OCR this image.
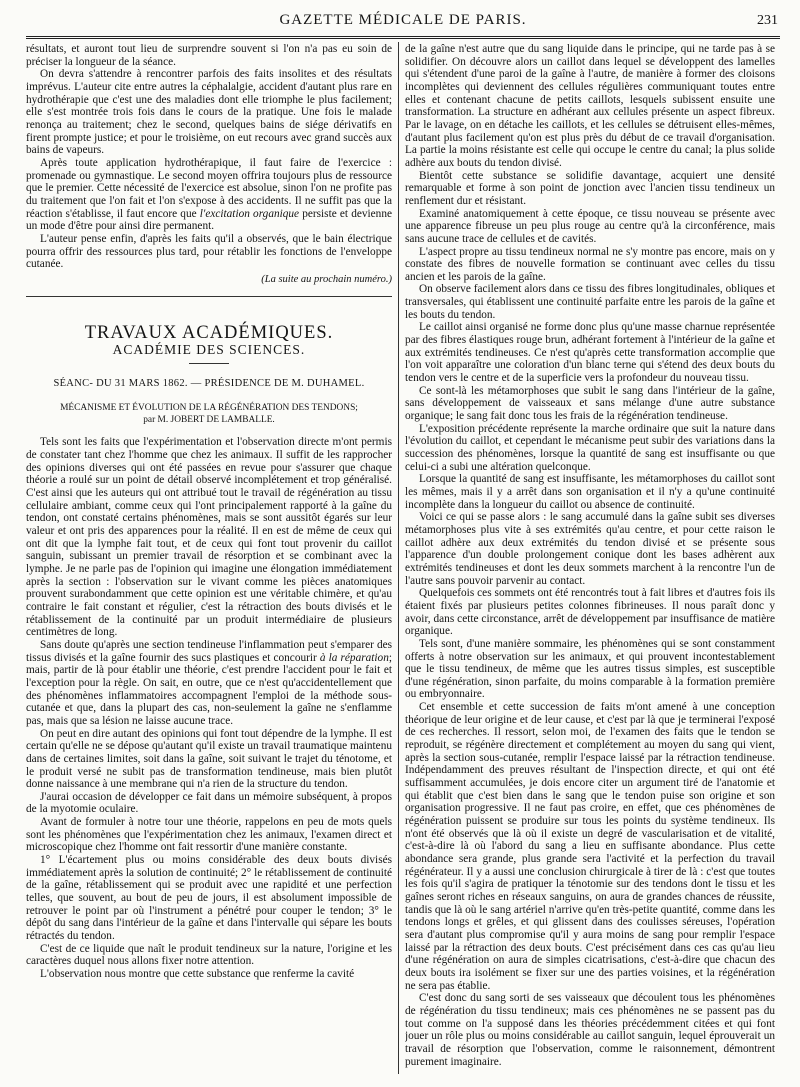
GAZETTE MÉDICALE DE PARIS.	231

résultats, et auront tout lieu de surprendre souvent si l'on n'a pas eu soin de préciser la longueur de la séance.

On devra s'attendre à rencontrer parfois des faits insolites et des résultats imprévus. L'auteur cite entre autres la céphalalgie, accident d'autant plus rare en hydrothérapie que c'est une des maladies dont elle triomphe le plus facilement; elle s'est montrée trois fois dans le cours de la pratique. Une fois le malade renonça au traitement; chez le second, quelques bains de siége dérivatifs en firent prompte justice; et pour le troisième, on eut recours avec grand succès aux bains de vapeurs.

Après toute application hydrothérapique, il faut faire de l'exercice : promenade ou gymnastique. Le second moyen offrira toujours plus de ressource que le premier. Cette nécessité de l'exercice est absolue, sinon l'on ne profite pas du traitement que l'on fait et l'on s'expose à des accidents. Il ne suffit pas que la réaction s'établisse, il faut encore que l'excitation organique persiste et devienne un mode d'être pour ainsi dire permanent.

L'auteur pense enfin, d'après les faits qu'il a observés, que le bain électrique pourra offrir des ressources plus tard, pour rétablir les fonctions de l'enveloppe cutanée.

(La suite au prochain numéro.)
TRAVAUX ACADÉMIQUES.
ACADÉMIE DES SCIENCES.
SÉANC- DU 31 MARS 1862. — PRÉSIDENCE DE M. DUHAMEL.
MÉCANISME ET ÉVOLUTION DE LA RÉGÉNÉRATION DES TENDONS;
par M. JOBERT DE LAMBALLE.

Tels sont les faits que l'expérimentation et l'observation directe m'ont permis de constater tant chez l'homme que chez les animaux. Il suffit de les rapprocher des opinions diverses qui ont été passées en revue pour s'assurer que chaque théorie a roulé sur un point de détail observé incomplétement et trop généralisé. C'est ainsi que les auteurs qui ont attribué tout le travail de régénération au tissu cellulaire ambiant, comme ceux qui l'ont principalement rapporté à la gaîne du tendon, ont constaté certains phénomènes, mais se sont aussitôt égarés sur leur valeur et ont pris des apparences pour la réalité. Il en est de même de ceux qui ont dit que la lymphe fait tout, et de ceux qui font tout provenir du caillot sanguin, subissant un premier travail de résorption et se combinant avec la lymphe. Je ne parle pas de l'opinion qui imagine une élongation immédiatement après la section : l'observation sur le vivant comme les pièces anatomiques prouvent surabondamment que cette opinion est une véritable chimère, et qu'au contraire le fait constant et régulier, c'est la rétraction des bouts divisés et le rétablissement de la continuité par un produit intermédiaire de plusieurs centimètres de long.

Sans doute qu'après une section tendineuse l'inflammation peut s'emparer des tissus divisés et la gaîne fournir des sucs plastiques et concourir à la réparation; mais, partir de là pour établir une théorie, c'est prendre l'accident pour le fait et l'exception pour la règle. On sait, en outre, que ce n'est qu'accidentellement que des phénomènes inflammatoires accompagnent l'emploi de la méthode sous-cutanée et que, dans la plupart des cas, non-seulement la gaîne ne s'enflamme pas, mais que sa lésion ne laisse aucune trace.

On peut en dire autant des opinions qui font tout dépendre de la lymphe. Il est certain qu'elle ne se dépose qu'autant qu'il existe un travail traumatique maintenu dans de certaines limites, soit dans la gaîne, soit suivant le trajet du ténotome, et le produit versé ne subit pas de transformation tendineuse, mais bien plutôt donne naissance à une membrane qui n'a rien de la structure du tendon.

J'aurai occasion de développer ce fait dans un mémoire subséquent, à propos de la myotomie oculaire.

Avant de formuler à notre tour une théorie, rappelons en peu de mots quels sont les phénomènes que l'expérimentation chez les animaux, l'examen direct et microscopique chez l'homme ont fait ressortir d'une manière constante.

1° L'écartement plus ou moins considérable des deux bouts divisés immédiatement après la solution de continuité; 2° le rétablissement de continuité de la gaîne, rétablissement qui se produit avec une rapidité et une perfection telles, que souvent, au bout de peu de jours, il est absolument impossible de retrouver le point par où l'instrument a pénétré pour couper le tendon; 3° le dépôt du sang dans l'intérieur de la gaîne et dans l'intervalle qui sépare les bouts rétractés du tendon.

C'est de ce liquide que naît le produit tendineux sur la nature, l'origine et les caractères duquel nous allons fixer notre attention.

L'observation nous montre que cette substance que renferme la cavité

de la gaîne n'est autre que du sang liquide dans le principe, qui ne tarde pas à se solidifier. On découvre alors un caillot dans lequel se développent des lamelles qui s'étendent d'une paroi de la gaîne à l'autre, de manière à former des cloisons incomplètes qui deviennent des cellules régulières communiquant toutes entre elles et contenant chacune de petits caillots, lesquels subissent ensuite une transformation. La structure en adhérant aux cellules présente un aspect fibreux. Par le lavage, on en détache les caillots, et les cellules se détruisent elles-mêmes, d'autant plus facilement qu'on est plus près du début de ce travail d'organisation. La partie la moins résistante est celle qui occupe le centre du canal; la plus solide adhère aux bouts du tendon divisé.

Bientôt cette substance se solidifie davantage, acquiert une densité remarquable et forme à son point de jonction avec l'ancien tissu tendineux un renflement dur et résistant.

Examiné anatomiquement à cette époque, ce tissu nouveau se présente avec une apparence fibreuse un peu plus rouge au centre qu'à la circonférence, mais sans aucune trace de cellules et de cavités.

L'aspect propre au tissu tendineux normal ne s'y montre pas encore, mais on y constate des fibres de nouvelle formation se continuant avec celles du tissu ancien et les parois de la gaîne.

On observe facilement alors dans ce tissu des fibres longitudinales, obliques et transversales, qui établissent une continuité parfaite entre les parois de la gaîne et les bouts du tendon.

Le caillot ainsi organisé ne forme donc plus qu'une masse charnue représentée par des fibres élastiques rouge brun, adhérant fortement à l'intérieur de la gaîne et aux extrémités tendineuses. Ce n'est qu'après cette transformation accomplie que l'on voit apparaître une coloration d'un blanc terne qui s'étend des deux bouts du tendon vers le centre et de la superficie vers la profondeur du nouveau tissu.

Ce sont-là les métamorphoses que subit le sang dans l'intérieur de la gaîne, sans développement de vaisseaux et sans mélange d'une autre substance organique; le sang fait donc tous les frais de la régénération tendineuse.

L'exposition précédente représente la marche ordinaire que suit la nature dans l'évolution du caillot, et cependant le mécanisme peut subir des variations dans la succession des phénomènes, lorsque la quantité de sang est insuffisante ou que celui-ci a subi une altération quelconque.

Lorsque la quantité de sang est insuffisante, les métamorphoses du caillot sont les mêmes, mais il y a arrêt dans son organisation et il n'y a qu'une continuité incomplète dans la longueur du caillot ou absence de continuité.

Voici ce qui se passe alors : le sang accumulé dans la gaîne subit ses diverses métamorphoses plus vite à ses extrémités qu'au centre, et pour cette raison le caillot adhère aux deux extrémités du tendon divisé et se présente sous l'apparence d'un double prolongement conique dont les bases adhèrent aux extrémités tendineuses et dont les deux sommets marchent à la rencontre l'un de l'autre sans pouvoir parvenir au contact.

Quelquefois ces sommets ont été rencontrés tout à fait libres et d'autres fois ils étaient fixés par plusieurs petites colonnes fibrineuses. Il nous paraît donc y avoir, dans cette circonstance, arrêt de développement par insuffisance de matière organique.

Tels sont, d'une manière sommaire, les phénomènes qui se sont constamment offerts à notre observation sur les animaux, et qui prouvent incontestablement que le tissu tendineux, de même que les autres tissus simples, est susceptible d'une régénération, sinon parfaite, du moins comparable à la formation première ou embryonnaire.

Cet ensemble et cette succession de faits m'ont amené à une conception théorique de leur origine et de leur cause, et c'est par là que je terminerai l'exposé de ces recherches. Il ressort, selon moi, de l'examen des faits que le tendon se reproduit, se régénère directement et complétement au moyen du sang qui vient, après la section sous-cutanée, remplir l'espace laissé par la rétraction tendineuse. Indépendamment des preuves résultant de l'inspection directe, et qui ont été suffisamment accumulées, je dois encore citer un argument tiré de l'anatomie et qui établit que c'est bien dans le sang que le tendon puise son origine et son organisation progressive. Il ne faut pas croire, en effet, que ces phénomènes de régénération puissent se produire sur tous les points du système tendineux. Ils n'ont été observés que là où il existe un degré de vascularisation et de vitalité, c'est-à-dire là où l'abord du sang a lieu en suffisante abondance. Plus cette abondance sera grande, plus grande sera l'activité et la perfection du travail régénérateur. Il y a aussi une conclusion chirurgicale à tirer de là : c'est que toutes les fois qu'il s'agira de pratiquer la ténotomie sur des tendons dont le tissu et les gaînes seront riches en réseaux sanguins, on aura de grandes chances de réussite, tandis que là où le sang artériel n'arrive qu'en très-petite quantité, comme dans les tendons longs et grêles, et qui glissent dans des coulisses séreuses, l'opération sera d'autant plus compromise qu'il y aura moins de sang pour remplir l'espace laissé par la rétraction des deux bouts. C'est précisément dans ces cas qu'au lieu d'une régénération on aura de simples cicatrisations, c'est-à-dire que chacun des deux bouts ira isolément se fixer sur une des parties voisines, et la régénération ne sera pas établie.

C'est donc du sang sorti de ses vaisseaux que découlent tous les phénomènes de régénération du tissu tendineux; mais ces phénomènes ne se passent pas du tout comme on l'a supposé dans les théories précédemment citées et qui font jouer un rôle plus ou moins considérable au caillot sanguin, lequel éprouverait un travail de résorption que l'observation, comme le raisonnement, démontrent purement imaginaire.
